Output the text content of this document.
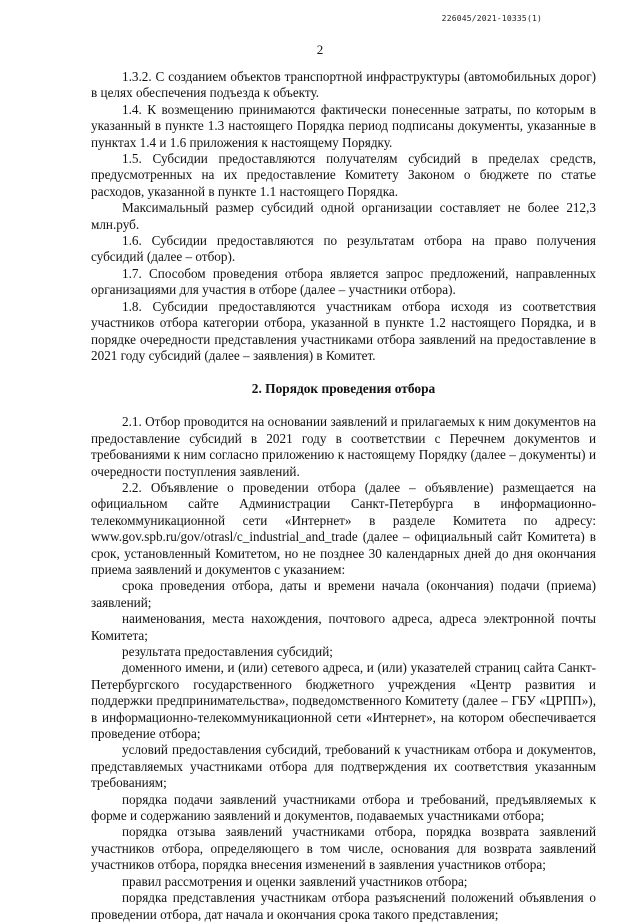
226045/2021-10335(1)
2

1.3.2. С созданием объектов транспортной инфраструктуры (автомобильных дорог) в целях обеспечения подъезда к объекту.

1.4. К возмещению принимаются фактически понесенные затраты, по которым в указанный в пункте 1.3 настоящего Порядка период подписаны документы, указанные в пунктах 1.4 и 1.6 приложения к настоящему Порядку.

1.5. Субсидии предоставляются получателям субсидий в пределах средств, предусмотренных на их предоставление Комитету Законом о бюджете по статье расходов, указанной в пункте 1.1 настоящего Порядка.

Максимальный размер субсидий одной организации составляет не более 212,3 млн.руб.

1.6. Субсидии предоставляются по результатам отбора на право получения субсидий (далее – отбор).

1.7. Способом проведения отбора является запрос предложений, направленных организациями для участия в отборе (далее – участники отбора).

1.8. Субсидии предоставляются участникам отбора исходя из соответствия участников отбора категории отбора, указанной в пункте 1.2 настоящего Порядка, и в порядке очередности представления участниками отбора заявлений на предоставление в 2021 году субсидий (далее – заявления) в Комитет.

2. Порядок проведения отбора

2.1. Отбор проводится на основании заявлений и прилагаемых к ним документов на предоставление субсидий в 2021 году в соответствии с Перечнем документов и требованиями к ним согласно приложению к настоящему Порядку (далее – документы) и очередности поступления заявлений.

2.2. Объявление о проведении отбора (далее – объявление) размещается на официальном сайте Администрации Санкт-Петербурга в информационно-телекоммуникационной сети «Интернет» в разделе Комитета по адресу: www.gov.spb.ru/gov/otrasl/c_industrial_and_trade (далее – официальный сайт Комитета) в срок, установленный Комитетом, но не позднее 30 календарных дней до дня окончания приема заявлений и документов с указанием:

срока проведения отбора, даты и времени начала (окончания) подачи (приема) заявлений;

наименования, места нахождения, почтового адреса, адреса электронной почты Комитета;

результата предоставления субсидий;

доменного имени, и (или) сетевого адреса, и (или) указателей страниц сайта Санкт-Петербургского государственного бюджетного учреждения «Центр развития и поддержки предпринимательства», подведомственного Комитету (далее – ГБУ «ЦРПП»), в информационно-телекоммуникационной сети «Интернет», на котором обеспечивается проведение отбора;

условий предоставления субсидий, требований к участникам отбора и документов, представляемых участниками отбора для подтверждения их соответствия указанным требованиям;

порядка подачи заявлений участниками отбора и требований, предъявляемых к форме и содержанию заявлений и документов, подаваемых участниками отбора;

порядка отзыва заявлений участниками отбора, порядка возврата заявлений участников отбора, определяющего в том числе, основания для возврата заявлений участников отбора, порядка внесения изменений в заявления участников отбора;

правил рассмотрения и оценки заявлений участников отбора;

порядка представления участникам отбора разъяснений положений объявления о проведении отбора, дат начала и окончания срока такого представления;
